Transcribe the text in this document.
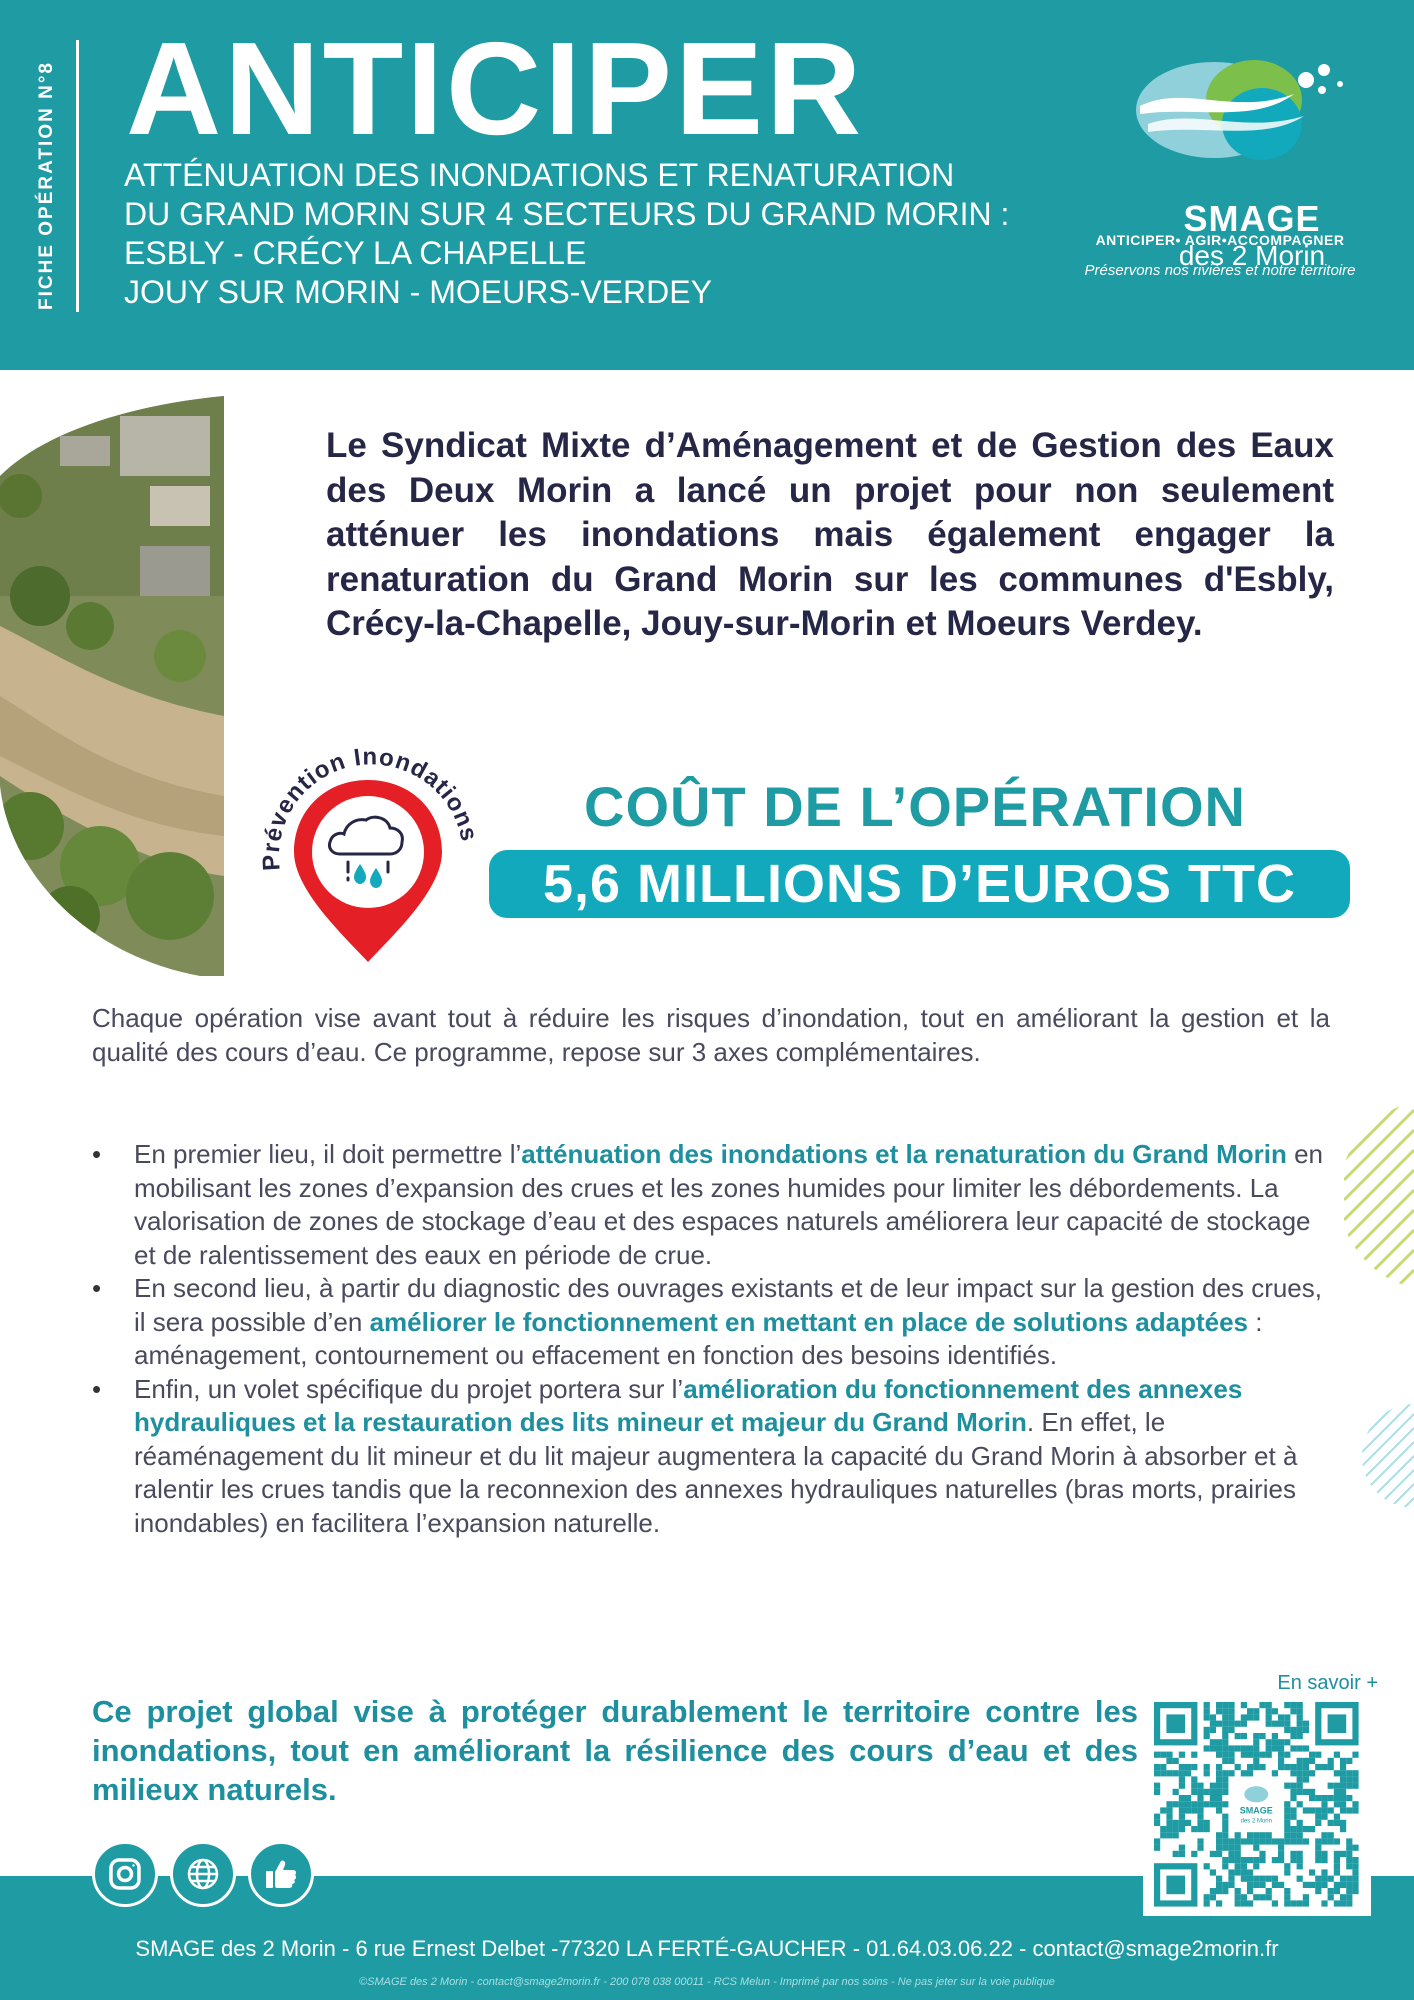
FICHE OPÉRATION N°8 ANTICIPER
ATTÉNUATION DES INONDATIONS ET RENATURATION
DU GRAND MORIN SUR 4 SECTEURS DU GRAND MORIN :
ESBLY - CRÉCY LA CHAPELLE
JOUY SUR MORIN - MOEURS-VERDEY
SMAGE
des 2 Morin
ANTICIPER• AGIR•ACCOMPAGNER
Préservons nos rivières et notre territoire
Le Syndicat Mixte d’Aménagement et de Gestion des Eaux des Deux Morin a lancé un projet pour non seulement atténuer les inondations mais également engager la renaturation du Grand Morin sur les communes d'Esbly, Crécy-la-Chapelle, Jouy-sur-Morin et Moeurs Verdey.
Prévention Inondations	COÛT DE L’OPÉRATION
5,6 MILLIONS D’EUROS TTC
Chaque opération vise avant tout à réduire les risques d’inondation, tout en améliorant la gestion et la qualité des cours d’eau. Ce programme, repose sur 3 axes complémentaires.
• En premier lieu, il doit permettre l’atténuation des inondations et la renaturation du Grand Morin en mobilisant les zones d’expansion des crues et les zones humides pour limiter les débordements. La valorisation de zones de stockage d’eau et des espaces naturels améliorera leur capacité de stockage et de ralentissement des eaux en période de crue.
• En second lieu, à partir du diagnostic des ouvrages existants et de leur impact sur la gestion des crues, il sera possible d’en améliorer le fonctionnement en mettant en place de solutions adaptées : aménagement, contournement ou effacement en fonction des besoins identifiés.
• Enfin, un volet spécifique du projet portera sur l’amélioration du fonctionnement des annexes hydrauliques et la restauration des lits mineur et majeur du Grand Morin. En effet, le réaménagement du lit mineur et du lit majeur augmentera la capacité du Grand Morin à absorber et à ralentir les crues tandis que la reconnexion des annexes hydrauliques naturelles (bras morts, prairies inondables) en facilitera l’expansion naturelle.
Ce projet global vise à protéger durablement le territoire contre les inondations, tout en améliorant la résilience des cours d’eau et des milieux naturels.
En savoir +
SMAGE
des 2 Morin
SMAGE des 2 Morin - 6 rue Ernest Delbet -77320 LA FERTÉ-GAUCHER - 01.64.03.06.22 - contact@smage2morin.fr
©SMAGE des 2 Morin - contact@smage2morin.fr - 200 078 038 00011 - RCS Melun - Imprimé par nos soins - Ne pas jeter sur la voie publique
